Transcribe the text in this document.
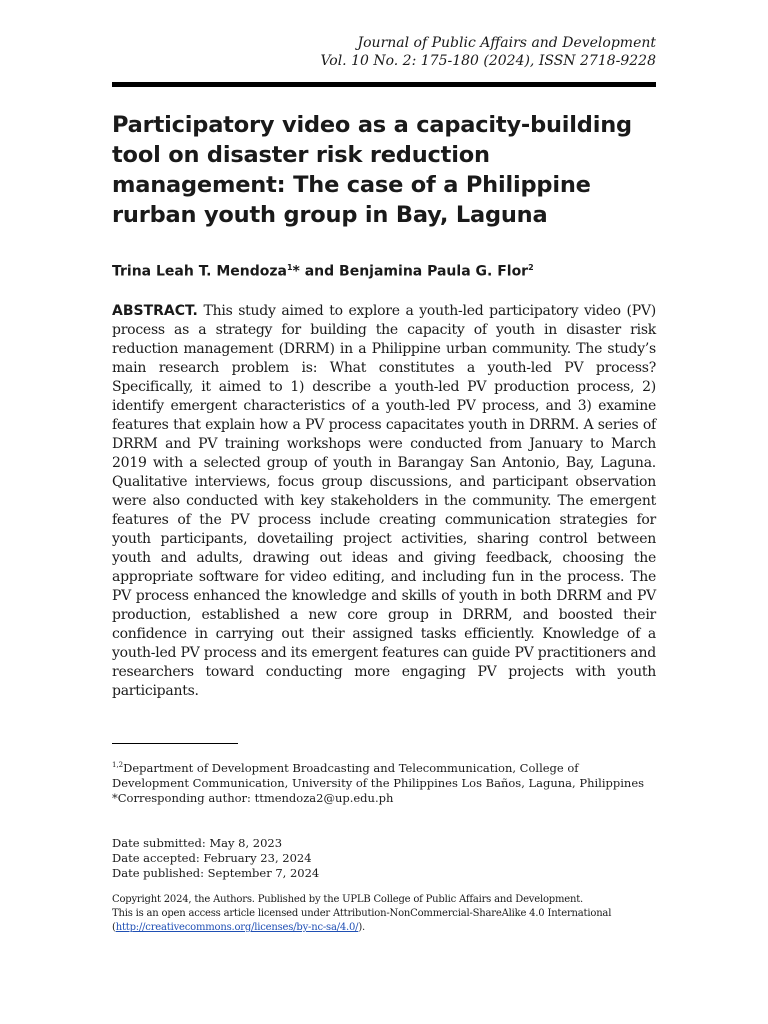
Journal of Public Affairs and Development
Vol. 10 No. 2: 175-180 (2024), ISSN 2718-9228
Participatory video as a capacity-building tool on disaster risk reduction management: The case of a Philippine rurban youth group in Bay, Laguna
Trina Leah T. Mendoza$^1$* and Benjamina Paula G. Flor$^2$

ABSTRACT. This study aimed to explore a youth-led participatory video (PV) process as a strategy for building the capacity of youth in disaster risk reduction management (DRRM) in a Philippine urban community. The study’s main research problem is: What constitutes a youth-led PV process? Specifically, it aimed to 1) describe a youth-led PV production process, 2) identify emergent characteristics of a youth-led PV process, and 3) examine features that explain how a PV process capacitates youth in DRRM. A series of DRRM and PV training workshops were conducted from January to March 2019 with a selected group of youth in Barangay San Antonio, Bay, Laguna. Qualitative interviews, focus group discussions, and participant observation were also conducted with key stakeholders in the community. The emergent features of the PV process include creating communication strategies for youth participants, dovetailing project activities, sharing control between youth and adults, drawing out ideas and giving feedback, choosing the appropriate software for video editing, and including fun in the process. The PV process enhanced the knowledge and skills of youth in both DRRM and PV production, established a new core group in DRRM, and boosted their confidence in carrying out their assigned tasks efficiently. Knowledge of a youth-led PV process and its emergent features can guide PV practitioners and researchers toward conducting more engaging PV projects with youth participants.

$^{1,2}$Department of Development Broadcasting and Telecommunication, College of Development Communication, University of the Philippines Los Baños, Laguna, Philippines

*Corresponding author: ttmendoza2@up.edu.ph

Date submitted: May 8, 2023

Date accepted: February 23, 2024

Date published: September 7, 2024

Copyright 2024, the Authors. Published by the UPLB College of Public Affairs and Development.

This is an open access article licensed under Attribution-NonCommercial-ShareAlike 4.0 International

(http://creativecommons.org/licenses/by-nc-sa/4.0/).
